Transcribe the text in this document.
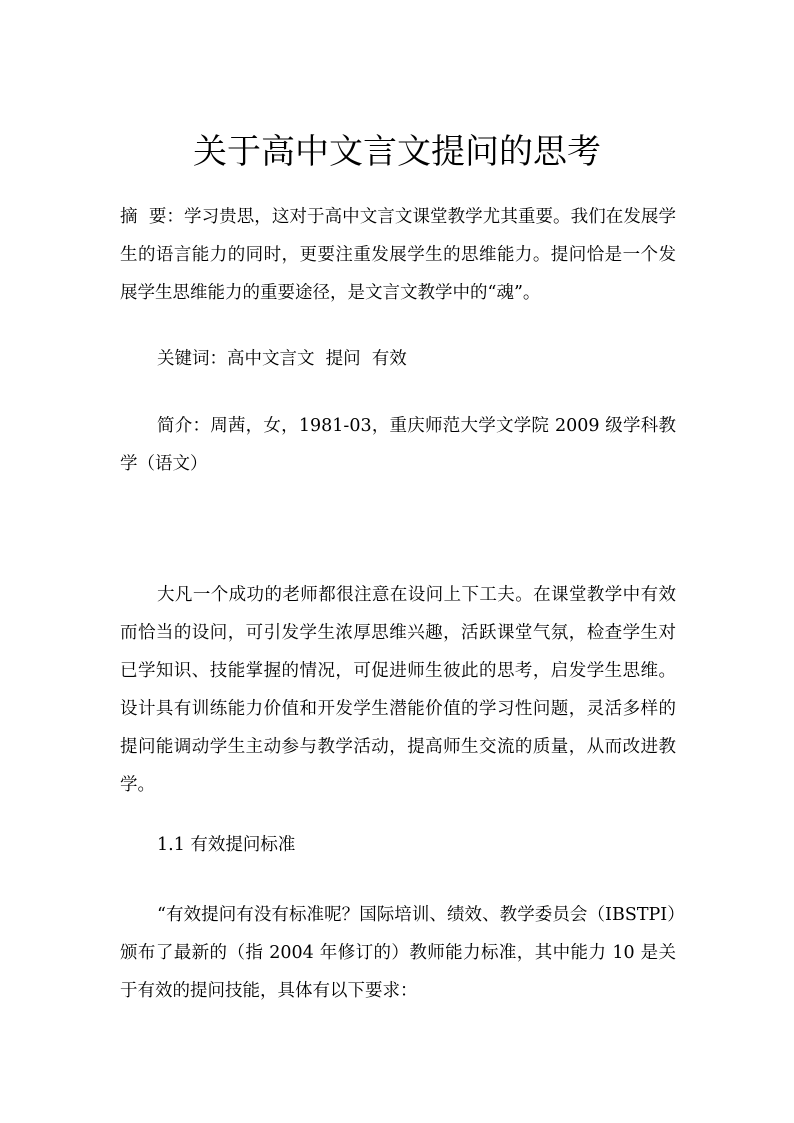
关于高中文言文提问的思考

摘  要：学习贵思，这对于高中文言文课堂教学尤其重要。我们在发展学生的语言能力的同时，更要注重发展学生的思维能力。提问恰是一个发展学生思维能力的重要途径，是文言文教学中的“魂”。

关键词：高中文言文  提问  有效

简介：周茜，女，1981-03，重庆师范大学文学院 2009 级学科教学（语文）

大凡一个成功的老师都很注意在设问上下工夫。在课堂教学中有效而恰当的设问，可引发学生浓厚思维兴趣，活跃课堂气氛，检查学生对已学知识、技能掌握的情况，可促进师生彼此的思考，启发学生思维。设计具有训练能力价值和开发学生潜能价值的学习性问题，灵活多样的提问能调动学生主动参与教学活动，提高师生交流的质量，从而改进教学。

1.1 有效提问标准

“有效提问有没有标准呢？国际培训、绩效、教学委员会（IBSTPI）颁布了最新的（指 2004 年修订的）教师能力标准，其中能力 10 是关于有效的提问技能，具体有以下要求：
